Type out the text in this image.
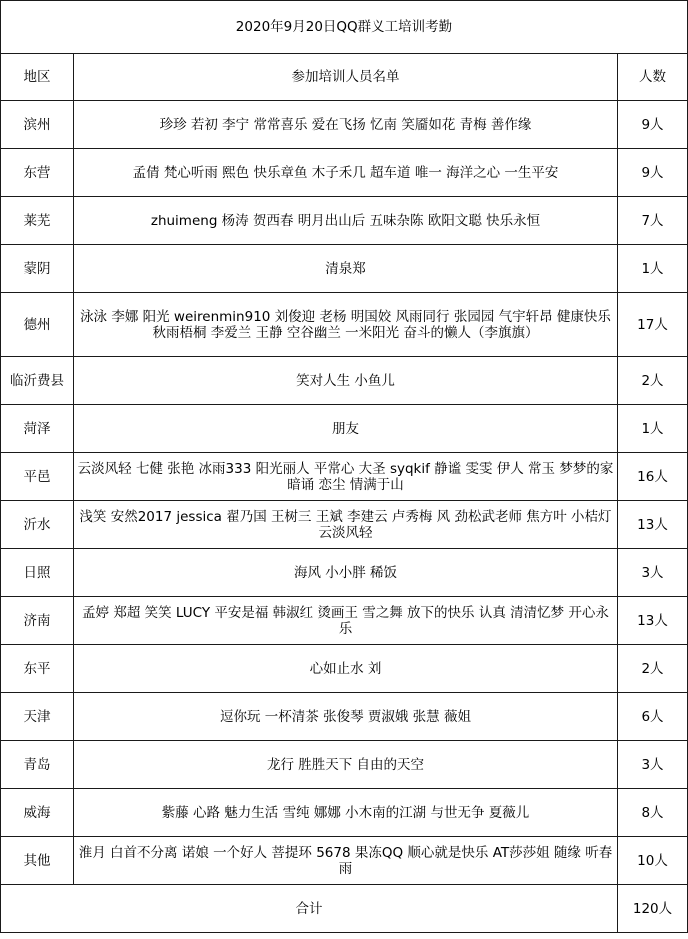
2020年9月20日QQ群义工培训考勤		
地区	参加培训人员名单	人数
滨州	珍珍 若初 李宁 常常喜乐 爱在飞扬 忆南 笑靥如花 青梅 善作缘	9人
东营	孟倩 梵心听雨 熙色 快乐章鱼 木子禾几 超车道 唯一 海洋之心 一生平安	9人
莱芜	zhuimeng 杨涛 贺西春 明月出山后 五味杂陈 欧阳文聪 快乐永恒	7人
蒙阴	清泉郑	1人
德州	泳泳 李娜 阳光 weirenmin910 刘俊迎 老杨 明国姣 风雨同行 张园园 气宇轩昂 健康快乐 秋雨梧桐 李爱兰 王静 空谷幽兰 一米阳光 奋斗的懒人（李旗旗）	17人
临沂费县	笑对人生 小鱼儿	2人
菏泽	朋友	1人
平邑	云淡风轻 七健 张艳 冰雨333 阳光丽人 平常心 大圣 syqkif 静谧 雯雯 伊人 常玉 梦梦的家 暗诵 恋尘 情满于山	16人
沂水	浅笑 安然2017 jessica 翟乃国 王树三 王斌 李建云 卢秀梅 风 劲松武老师 焦方叶 小桔灯 云淡风轻	13人
日照	海风 小小胖 稀饭	3人
济南	孟婷 郑超 笑笑 LUCY 平安是福 韩淑红 烫画王 雪之舞 放下的快乐 认真 清清忆梦 开心永乐	13人
东平	心如止水 刘	2人
天津	逗你玩 一杯清茶 张俊琴 贾淑娥 张慧 薇姐	6人
青岛	龙行 胜胜天下 自由的天空	3人
威海	紫藤 心路 魅力生活 雪纯 娜娜 小木南的江湖 与世无争 夏薇儿	8人
其他	淮月 白首不分离 诺娘 一个好人 菩提环 5678 果冻QQ 顺心就是快乐 AT莎莎姐 随缘 听春雨	10人
合计		120人
